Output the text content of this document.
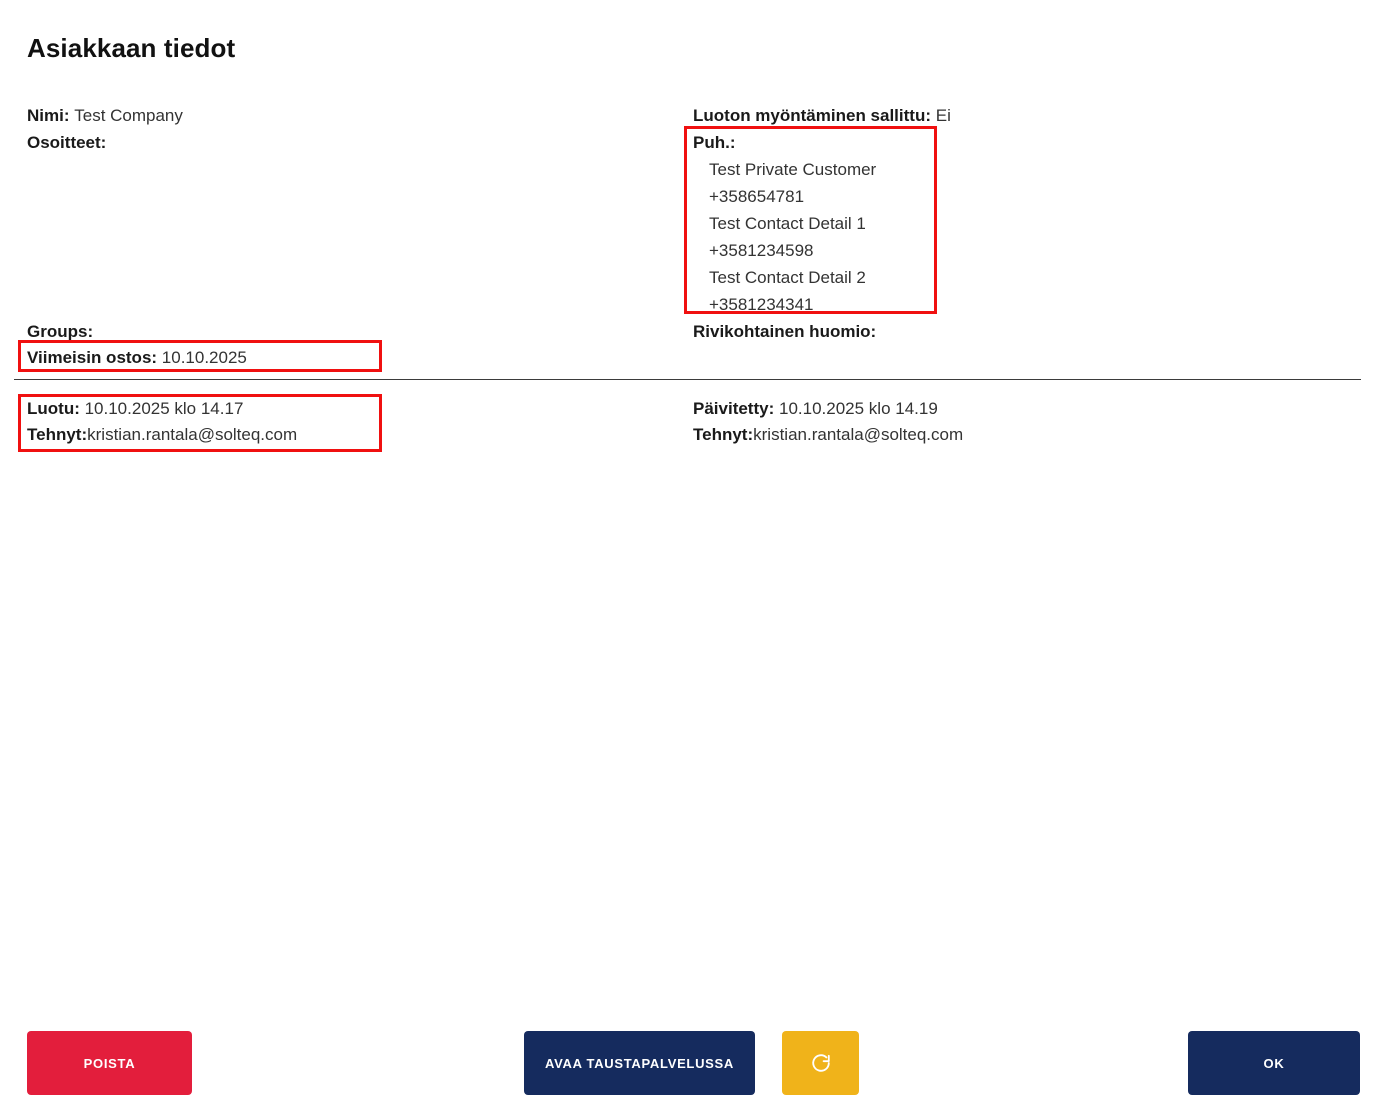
Asiakkaan tiedot
Nimi: Test Company
Osoitteet:
Groups:
Luoton myöntäminen sallittu: Ei
Puh.:
Test Private Customer
+358654781
Test Contact Detail 1
+3581234598
Test Contact Detail 2
+3581234341
Rivikohtainen huomio:
Viimeisin ostos: 10.10.2025
Luotu: 10.10.2025 klo 14.17
Tehnyt:kristian.rantala@solteq.com
Päivitetty: 10.10.2025 klo 14.19
Tehnyt:kristian.rantala@solteq.com
POISTA	AVAA TAUSTAPALVELUSSA	OK
